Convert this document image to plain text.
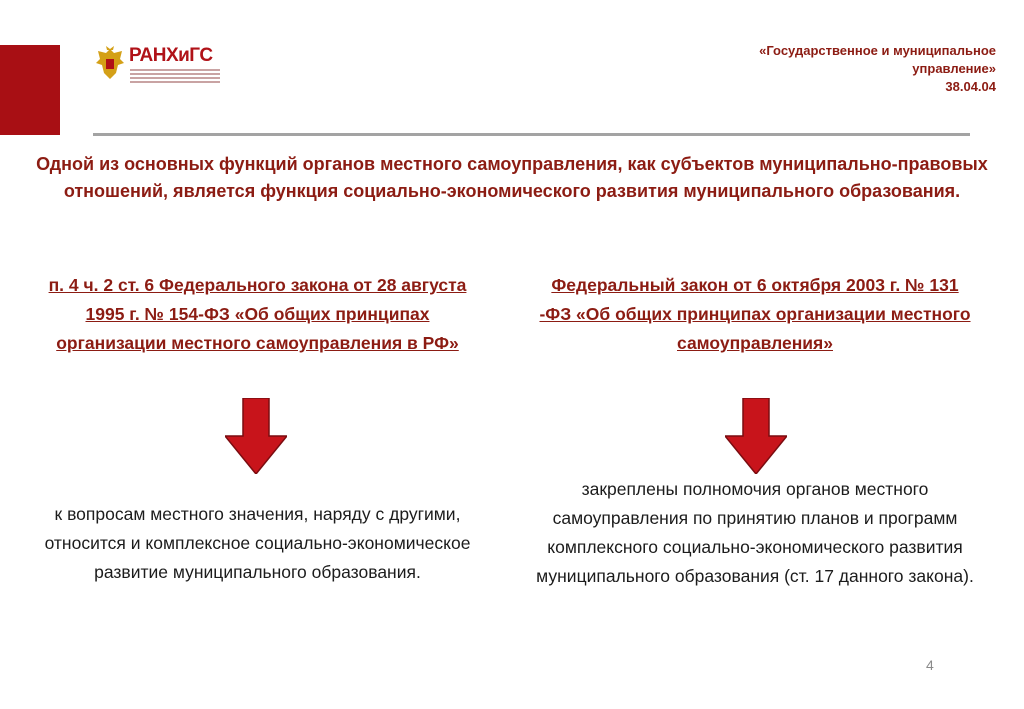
РАНХиГС	«Государственное и муниципальное управление»
38.04.04
Одной из основных функций органов местного самоуправления, как субъектов муниципально-правовых отношений, является функция социально-экономического развития муниципального образования.
п. 4 ч. 2 ст. 6 Федерального закона от 28 августа 1995 г. № 154-ФЗ «Об общих принципах организации местного самоуправления в РФ»
Федеральный закон от 6 октября 2003 г. № 131 -ФЗ «Об общих принципах организации местного самоуправления»
к вопросам местного значения, наряду с другими, относится и комплексное социально-экономическое развитие муниципального образования.
закреплены полномочия органов местного самоуправления по принятию планов и программ комплексного социально-экономического развития муниципального образования (ст. 17 данного закона).
4
